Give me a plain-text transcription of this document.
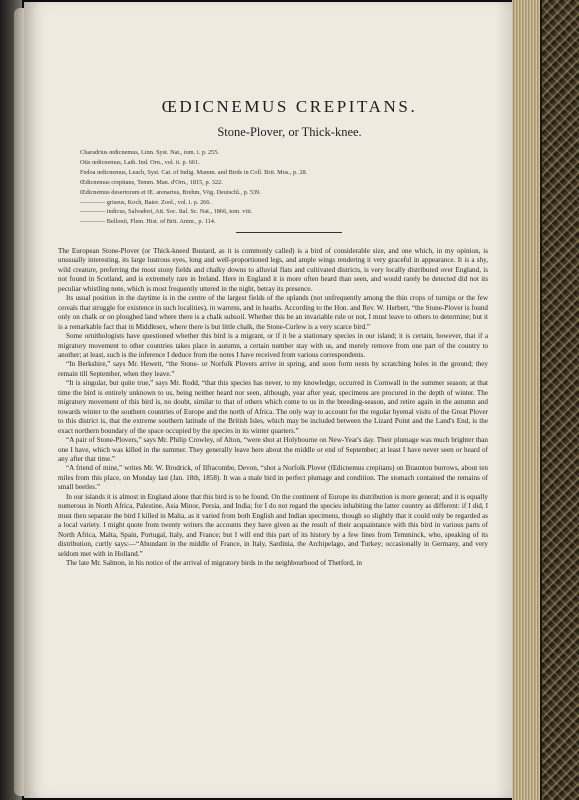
ŒDICNEMUS CREPITANS.
Stone-Plover, or Thick-knee.
Charadrius œdicnemus, Linn. Syst. Nat., tom. i. p. 255.
Otis œdicnemus, Lath. Ind. Orn., vol. ii. p. 661.
Fedoa œdicnemus, Leach, Syst. Cat. of Indig. Mamm. and Birds in Coll. Brit. Mus., p. 28.
Œdicnemus crepitans, Temm. Man. d'Orn., 1815, p. 322.
Œdicnemus desertorum et Œ. arenarius, Brehm, Vög. Deutschl., p. 539.
———— griseus, Koch, Baier. Zool., vol. i. p. 266.
———— indicus, Salvadori, Att. Soc. Ital. Sc. Nat., 1866, tom. viii.
———— Bellonii, Flem. Hist. of Brit. Anim., p. 114.

The European Stone-Plover (or Thick-kneed Bustard, as it is commonly called) is a bird of considerable size, and one which, in my opinion, is unusually interesting, its large lustrous eyes, long and well-proportioned legs, and ample wings rendering it very graceful in appearance. It is a shy, wild creature, preferring the most stony fields and chalky downs to alluvial flats and cultivated districts, is very locally distributed over England, is not found in Scotland, and is extremely rare in Ireland. Here in England it is more often heard than seen, and would rarely be detected did not its peculiar whistling note, which is most frequently uttered in the night, betray its presence.

Its usual position in the daytime is in the centre of the largest fields of the uplands (not unfrequently among the thin crops of turnips or the few cereals that struggle for existence in such localities), in warrens, and in heaths. According to the Hon. and Rev. W. Herbert, “the Stone-Plover is found only on chalk or on ploughed land where there is a chalk subsoil. Whether this be an invariable rule or not, I must leave to others to determine; but it is a remarkable fact that in Middlesex, where there is but little chalk, the Stone-Curlew is a very scarce bird.”

Some ornithologists have questioned whether this bird is a migrant, or if it be a stationary species in our island; it is certain, however, that if a migratory movement to other countries takes place in autumn, a certain number stay with us, and merely remove from one part of the country to another; at least, such is the inference I deduce from the notes I have received from various correspondents.

“In Berkshire,” says Mr. Hewett, “the Stone- or Norfolk Plovers arrive in spring, and soon form nests by scratching holes in the ground; they remain till September, when they leave.”

“It is singular, but quite true,” says Mr. Rodd, “that this species has never, to my knowledge, occurred in Cornwall in the summer season; at that time the bird is entirely unknown to us, being neither heard nor seen, although, year after year, specimens are procured in the depth of winter. The migratory movement of this bird is, no doubt, similar to that of others which come to us in the breeding-season, and retire again in the autumn and towards winter to the southern countries of Europe and the north of Africa. The only way to account for the regular hyemal visits of the Great Plover to this district is, that the extreme southern latitude of the British Isles, which may be included between the Lizard Point and the Land's End, is the exact northern boundary of the space occupied by the species in its winter quarters.”

“A pair of Stone-Plovers,” says Mr. Philip Crowley, of Alton, “were shot at Holybourne on New-Year's day. Their plumage was much brighter than one I have, which was killed in the summer. They generally leave here about the middle or end of September; at least I have never seen or heard of any after that time.”

“A friend of mine,” writes Mr. W. Brodrick, of Ilfracombe, Devon, “shot a Norfolk Plover (Œdicnemus crepitans) on Braunton burrows, about ten miles from this place, on Monday last (Jan. 18th, 1858). It was a male bird in perfect plumage and condition. The stomach contained the remains of small beetles.”

In our islands it is almost in England alone that this bird is to be found. On the continent of Europe its distribution is more general; and it is equally numerous in North Africa, Palestine, Asia Minor, Persia, and India; for I do not regard the species inhabiting the latter country as different: if I did, I must then separate the bird I killed in Malta, as it varied from both English and Indian specimens, though so slightly that it could only be regarded as a local variety. I might quote from twenty writers the accounts they have given as the result of their acquaintance with this bird in various parts of North Africa, Malta, Spain, Portugal, Italy, and France; but I will end this part of its history by a few lines from Temminck, who, speaking of its distribution, curtly says:—“Abundant in the middle of France, in Italy, Sardinia, the Archipelago, and Turkey; occasionally in Germany, and very seldom met with in Holland.”

The late Mr. Salmon, in his notice of the arrival of migratory birds in the neighbourhood of Thetford, in
